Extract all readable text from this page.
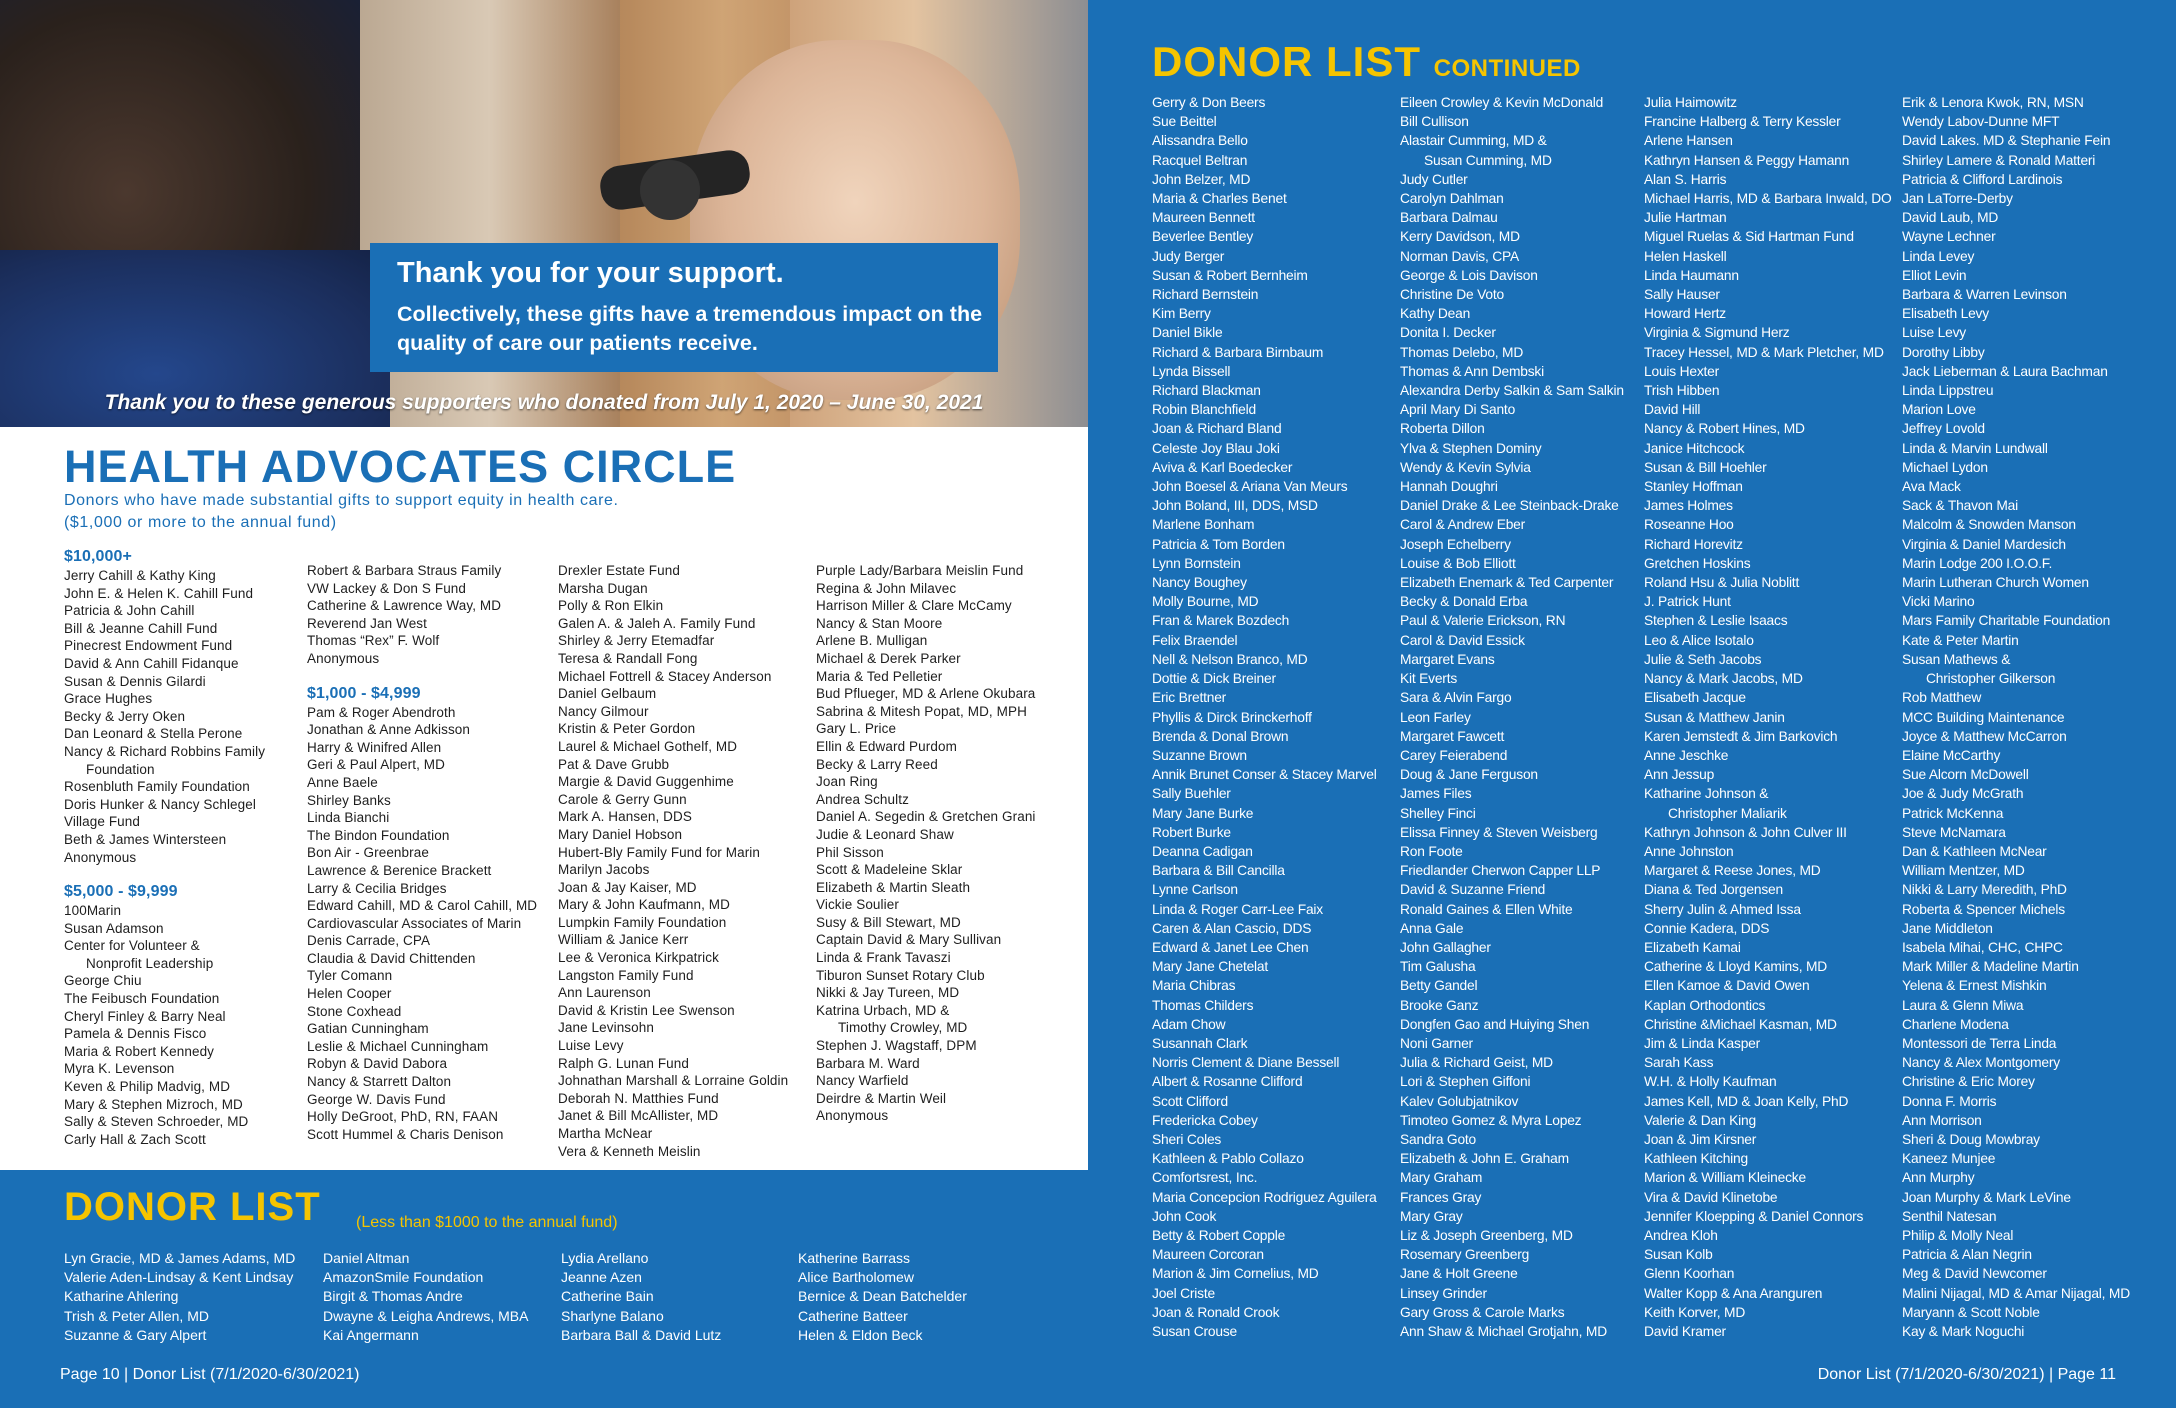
Thank you for your support.
Collectively, these gifts have a tremendous impact on the quality of care our patients receive.
Thank you to these generous supporters who donated from July 1, 2020 – June 30, 2021
HEALTH ADVOCATES CIRCLE
Donors who have made substantial gifts to support equity in health care.
($1,000 or more to the annual fund)
$10,000+
Jerry Cahill & Kathy King
John E. & Helen K. Cahill Fund
Patricia & John Cahill
Bill & Jeanne Cahill Fund
Pinecrest Endowment Fund
David & Ann Cahill Fidanque
Susan & Dennis Gilardi
Grace Hughes
Becky & Jerry Oken
Dan Leonard & Stella Perone
Nancy & Richard Robbins Family
Foundation
Rosenbluth Family Foundation
Doris Hunker & Nancy Schlegel
Village Fund
Beth & James Wintersteen
Anonymous
$5,000 - $9,999
100Marin
Susan Adamson
Center for Volunteer &
Nonprofit Leadership
George Chiu
The Feibusch Foundation
Cheryl Finley & Barry Neal
Pamela & Dennis Fisco
Maria & Robert Kennedy
Myra K. Levenson
Keven & Philip Madvig, MD
Mary & Stephen Mizroch, MD
Sally & Steven Schroeder, MD
Carly Hall & Zach Scott
Robert & Barbara Straus Family
VW Lackey & Don S Fund
Catherine & Lawrence Way, MD
Reverend Jan West
Thomas “Rex” F. Wolf
Anonymous
$1,000 - $4,999
Pam & Roger Abendroth
Jonathan & Anne Adkisson
Harry & Winifred Allen
Geri & Paul Alpert, MD
Anne Baele
Shirley Banks
Linda Bianchi
The Bindon Foundation
Bon Air - Greenbrae
Lawrence & Berenice Brackett
Larry & Cecilia Bridges
Edward Cahill, MD & Carol Cahill, MD
Cardiovascular Associates of Marin
Denis Carrade, CPA
Claudia & David Chittenden
Tyler Comann
Helen Cooper
Stone Coxhead
Gatian Cunningham
Leslie & Michael Cunningham
Robyn & David Dabora
Nancy & Starrett Dalton
George W. Davis Fund
Holly DeGroot, PhD, RN, FAAN
Scott Hummel & Charis Denison
Drexler Estate Fund
Marsha Dugan
Polly & Ron Elkin
Galen A. & Jaleh A. Family Fund
Shirley & Jerry Etemadfar
Teresa & Randall Fong
Michael Fottrell & Stacey Anderson
Daniel Gelbaum
Nancy Gilmour
Kristin & Peter Gordon
Laurel & Michael Gothelf, MD
Pat & Dave Grubb
Margie & David Guggenhime
Carole & Gerry Gunn
Mark A. Hansen, DDS
Mary Daniel Hobson
Hubert-Bly Family Fund for Marin
Marilyn Jacobs
Joan & Jay Kaiser, MD
Mary & John Kaufmann, MD
Lumpkin Family Foundation
William & Janice Kerr
Lee & Veronica Kirkpatrick
Langston Family Fund
Ann Laurenson
David & Kristin Lee Swenson
Jane Levinsohn
Luise Levy
Ralph G. Lunan Fund
Johnathan Marshall & Lorraine Goldin
Deborah N. Matthies Fund
Janet & Bill McAllister, MD
Martha McNear
Vera & Kenneth Meislin
Purple Lady/Barbara Meislin Fund
Regina & John Milavec
Harrison Miller & Clare McCamy
Nancy & Stan Moore
Arlene B. Mulligan
Michael & Derek Parker
Maria & Ted Pelletier
Bud Pflueger, MD & Arlene Okubara
Sabrina & Mitesh Popat, MD, MPH
Gary L. Price
Ellin & Edward Purdom
Becky & Larry Reed
Joan Ring
Andrea Schultz
Daniel A. Segedin & Gretchen Grani
Judie & Leonard Shaw
Phil Sisson
Scott & Madeleine Sklar
Elizabeth & Martin Sleath
Vickie Soulier
Susy & Bill Stewart, MD
Captain David & Mary Sullivan
Linda & Frank Tavaszi
Tiburon Sunset Rotary Club
Nikki & Jay Tureen, MD
Katrina Urbach, MD &
Timothy Crowley, MD
Stephen J. Wagstaff, DPM
Barbara M. Ward
Nancy Warfield
Deirdre & Martin Weil
Anonymous
DONOR LIST (Less than $1000 to the annual fund)
Lyn Gracie, MD & James Adams, MD
Valerie Aden-Lindsay & Kent Lindsay
Katharine Ahlering
Trish & Peter Allen, MD
Suzanne & Gary Alpert
Daniel Altman
AmazonSmile Foundation
Birgit & Thomas Andre
Dwayne & Leigha Andrews, MBA
Kai Angermann
Lydia Arellano
Jeanne Azen
Catherine Bain
Sharlyne Balano
Barbara Ball & David Lutz
Katherine Barrass
Alice Bartholomew
Bernice & Dean Batchelder
Catherine Batteer
Helen & Eldon Beck
Page 10 | Donor List (7/1/2020-6/30/2021)
DONOR LIST CONTINUED
Gerry & Don Beers
Sue Beittel
Alissandra Bello
Racquel Beltran
John Belzer, MD
Maria & Charles Benet
Maureen Bennett
Beverlee Bentley
Judy Berger
Susan & Robert Bernheim
Richard Bernstein
Kim Berry
Daniel Bikle
Richard & Barbara Birnbaum
Lynda Bissell
Richard Blackman
Robin Blanchfield
Joan & Richard Bland
Celeste Joy Blau Joki
Aviva & Karl Boedecker
John Boesel & Ariana Van Meurs
John Boland, III, DDS, MSD
Marlene Bonham
Patricia & Tom Borden
Lynn Bornstein
Nancy Boughey
Molly Bourne, MD
Fran & Marek Bozdech
Felix Braendel
Nell & Nelson Branco, MD
Dottie & Dick Breiner
Eric Brettner
Phyllis & Dirck Brinckerhoff
Brenda & Donal Brown
Suzanne Brown
Annik Brunet Conser & Stacey Marvel
Sally Buehler
Mary Jane Burke
Robert Burke
Deanna Cadigan
Barbara & Bill Cancilla
Lynne Carlson
Linda & Roger Carr-Lee Faix
Caren & Alan Cascio, DDS
Edward & Janet Lee Chen
Mary Jane Chetelat
Maria Chibras
Thomas Childers
Adam Chow
Susannah Clark
Norris Clement & Diane Bessell
Albert & Rosanne Clifford
Scott Clifford
Fredericka Cobey
Sheri Coles
Kathleen & Pablo Collazo
Comfortsrest, Inc.
Maria Concepcion Rodriguez Aguilera
John Cook
Betty & Robert Copple
Maureen Corcoran
Marion & Jim Cornelius, MD
Joel Criste
Joan & Ronald Crook
Susan Crouse
Eileen Crowley & Kevin McDonald
Bill Cullison
Alastair Cumming, MD &
Susan Cumming, MD
Judy Cutler
Carolyn Dahlman
Barbara Dalmau
Kerry Davidson, MD
Norman Davis, CPA
George & Lois Davison
Christine De Voto
Kathy Dean
Donita I. Decker
Thomas Delebo, MD
Thomas & Ann Dembski
Alexandra Derby Salkin & Sam Salkin
April Mary Di Santo
Roberta Dillon
Ylva & Stephen Dominy
Wendy & Kevin Sylvia
Hannah Doughri
Daniel Drake & Lee Steinback-Drake
Carol & Andrew Eber
Joseph Echelberry
Louise & Bob Elliott
Elizabeth Enemark & Ted Carpenter
Becky & Donald Erba
Paul & Valerie Erickson, RN
Carol & David Essick
Margaret Evans
Kit Everts
Sara & Alvin Fargo
Leon Farley
Margaret Fawcett
Carey Feierabend
Doug & Jane Ferguson
James Files
Shelley Finci
Elissa Finney & Steven Weisberg
Ron Foote
Friedlander Cherwon Capper LLP
David & Suzanne Friend
Ronald Gaines & Ellen White
Anna Gale
John Gallagher
Tim Galusha
Betty Gandel
Brooke Ganz
Dongfen Gao and Huiying Shen
Noni Garner
Julia & Richard Geist, MD
Lori & Stephen Giffoni
Kalev Golubjatnikov
Timoteo Gomez & Myra Lopez
Sandra Goto
Elizabeth & John E. Graham
Mary Graham
Frances Gray
Mary Gray
Liz & Joseph Greenberg, MD
Rosemary Greenberg
Jane & Holt Greene
Linsey Grinder
Gary Gross & Carole Marks
Ann Shaw & Michael Grotjahn, MD
Julia Haimowitz
Francine Halberg & Terry Kessler
Arlene Hansen
Kathryn Hansen & Peggy Hamann
Alan S. Harris
Michael Harris, MD & Barbara Inwald, DO
Julie Hartman
Miguel Ruelas & Sid Hartman Fund
Helen Haskell
Linda Haumann
Sally Hauser
Howard Hertz
Virginia & Sigmund Herz
Tracey Hessel, MD & Mark Pletcher, MD
Louis Hexter
Trish Hibben
David Hill
Nancy & Robert Hines, MD
Janice Hitchcock
Susan & Bill Hoehler
Stanley Hoffman
James Holmes
Roseanne Hoo
Richard Horevitz
Gretchen Hoskins
Roland Hsu & Julia Noblitt
J. Patrick Hunt
Stephen & Leslie Isaacs
Leo & Alice Isotalo
Julie & Seth Jacobs
Nancy & Mark Jacobs, MD
Elisabeth Jacque
Susan & Matthew Janin
Karen Jemstedt & Jim Barkovich
Anne Jeschke
Ann Jessup
Katharine Johnson &
Christopher Maliarik
Kathryn Johnson & John Culver III
Anne Johnston
Margaret & Reese Jones, MD
Diana & Ted Jorgensen
Sherry Julin & Ahmed Issa
Connie Kadera, DDS
Elizabeth Kamai
Catherine & Lloyd Kamins, MD
Ellen Kamoe & David Owen
Kaplan Orthodontics
Christine &Michael Kasman, MD
Jim & Linda Kasper
Sarah Kass
W.H. & Holly Kaufman
James Kell, MD & Joan Kelly, PhD
Valerie & Dan King
Joan & Jim Kirsner
Kathleen Kitching
Marion & William Kleinecke
Vira & David Klinetobe
Jennifer Kloepping & Daniel Connors
Andrea Kloh
Susan Kolb
Glenn Koorhan
Walter Kopp & Ana Aranguren
Keith Korver, MD
David Kramer
Erik & Lenora Kwok, RN, MSN
Wendy Labov-Dunne MFT
David Lakes. MD & Stephanie Fein
Shirley Lamere & Ronald Matteri
Patricia & Clifford Lardinois
Jan LaTorre-Derby
David Laub, MD
Wayne Lechner
Linda Levey
Elliot Levin
Barbara & Warren Levinson
Elisabeth Levy
Luise Levy
Dorothy Libby
Jack Lieberman & Laura Bachman
Linda Lippstreu
Marion Love
Jeffrey Lovold
Linda & Marvin Lundwall
Michael Lydon
Ava Mack
Sack & Thavon Mai
Malcolm & Snowden Manson
Virginia & Daniel Mardesich
Marin Lodge 200 I.O.O.F.
Marin Lutheran Church Women
Vicki Marino
Mars Family Charitable Foundation
Kate & Peter Martin
Susan Mathews &
Christopher Gilkerson
Rob Matthew
MCC Building Maintenance
Joyce & Matthew McCarron
Elaine McCarthy
Sue Alcorn McDowell
Joe & Judy McGrath
Patrick McKenna
Steve McNamara
Dan & Kathleen McNear
William Mentzer, MD
Nikki & Larry Meredith, PhD
Roberta & Spencer Michels
Jane Middleton
Isabela Mihai, CHC, CHPC
Mark Miller & Madeline Martin
Yelena & Ernest Mishkin
Laura & Glenn Miwa
Charlene Modena
Montessori de Terra Linda
Nancy & Alex Montgomery
Christine & Eric Morey
Donna F. Morris
Ann Morrison
Sheri & Doug Mowbray
Kaneez Munjee
Ann Murphy
Joan Murphy & Mark LeVine
Senthil Natesan
Philip & Molly Neal
Patricia & Alan Negrin
Meg & David Newcomer
Malini Nijagal, MD & Amar Nijagal, MD
Maryann & Scott Noble
Kay & Mark Noguchi
Donor List (7/1/2020-6/30/2021) | Page 11
